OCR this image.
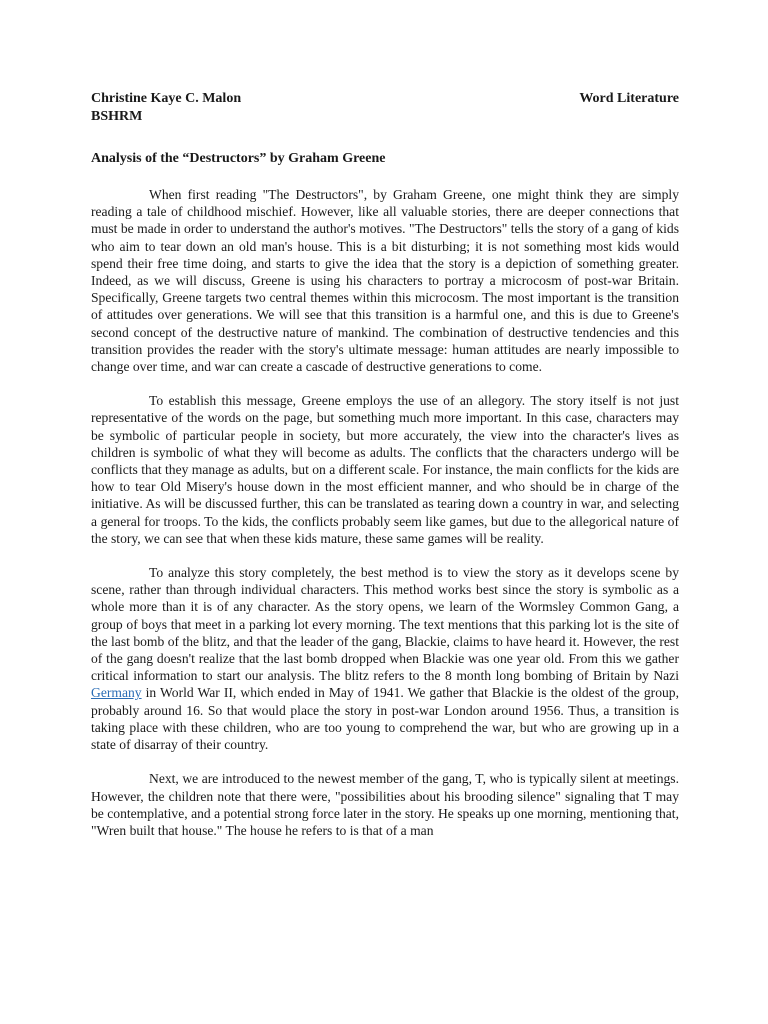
Christine Kaye C. Malon	Word Literature
BSHRM
Analysis of the “Destructors” by Graham Greene

When first reading "The Destructors", by Graham Greene, one might think they are simply reading a tale of childhood mischief. However, like all valuable stories, there are deeper connections that must be made in order to understand the author's motives. "The Destructors" tells the story of a gang of kids who aim to tear down an old man's house. This is a bit disturbing; it is not something most kids would spend their free time doing, and starts to give the idea that the story is a depiction of something greater. Indeed, as we will discuss, Greene is using his characters to portray a microcosm of post-war Britain. Specifically, Greene targets two central themes within this microcosm. The most important is the transition of attitudes over generations. We will see that this transition is a harmful one, and this is due to Greene's second concept of the destructive nature of mankind. The combination of destructive tendencies and this transition provides the reader with the story's ultimate message: human attitudes are nearly impossible to change over time, and war can create a cascade of destructive generations to come.

To establish this message, Greene employs the use of an allegory. The story itself is not just representative of the words on the page, but something much more important. In this case, characters may be symbolic of particular people in society, but more accurately, the view into the character's lives as children is symbolic of what they will become as adults. The conflicts that the characters undergo will be conflicts that they manage as adults, but on a different scale. For instance, the main conflicts for the kids are how to tear Old Misery's house down in the most efficient manner, and who should be in charge of the initiative. As will be discussed further, this can be translated as tearing down a country in war, and selecting a general for troops. To the kids, the conflicts probably seem like games, but due to the allegorical nature of the story, we can see that when these kids mature, these same games will be reality.

To analyze this story completely, the best method is to view the story as it develops scene by scene, rather than through individual characters. This method works best since the story is symbolic as a whole more than it is of any character. As the story opens, we learn of the Wormsley Common Gang, a group of boys that meet in a parking lot every morning. The text mentions that this parking lot is the site of the last bomb of the blitz, and that the leader of the gang, Blackie, claims to have heard it. However, the rest of the gang doesn't realize that the last bomb dropped when Blackie was one year old. From this we gather critical information to start our analysis. The blitz refers to the 8 month long bombing of Britain by Nazi Germany in World War II, which ended in May of 1941. We gather that Blackie is the oldest of the group, probably around 16. So that would place the story in post-war London around 1956. Thus, a transition is taking place with these children, who are too young to comprehend the war, but who are growing up in a state of disarray of their country.

Next, we are introduced to the newest member of the gang, T, who is typically silent at meetings. However, the children note that there were, "possibilities about his brooding silence" signaling that T may be contemplative, and a potential strong force later in the story. He speaks up one morning, mentioning that, "Wren built that house." The house he refers to is that of a man
